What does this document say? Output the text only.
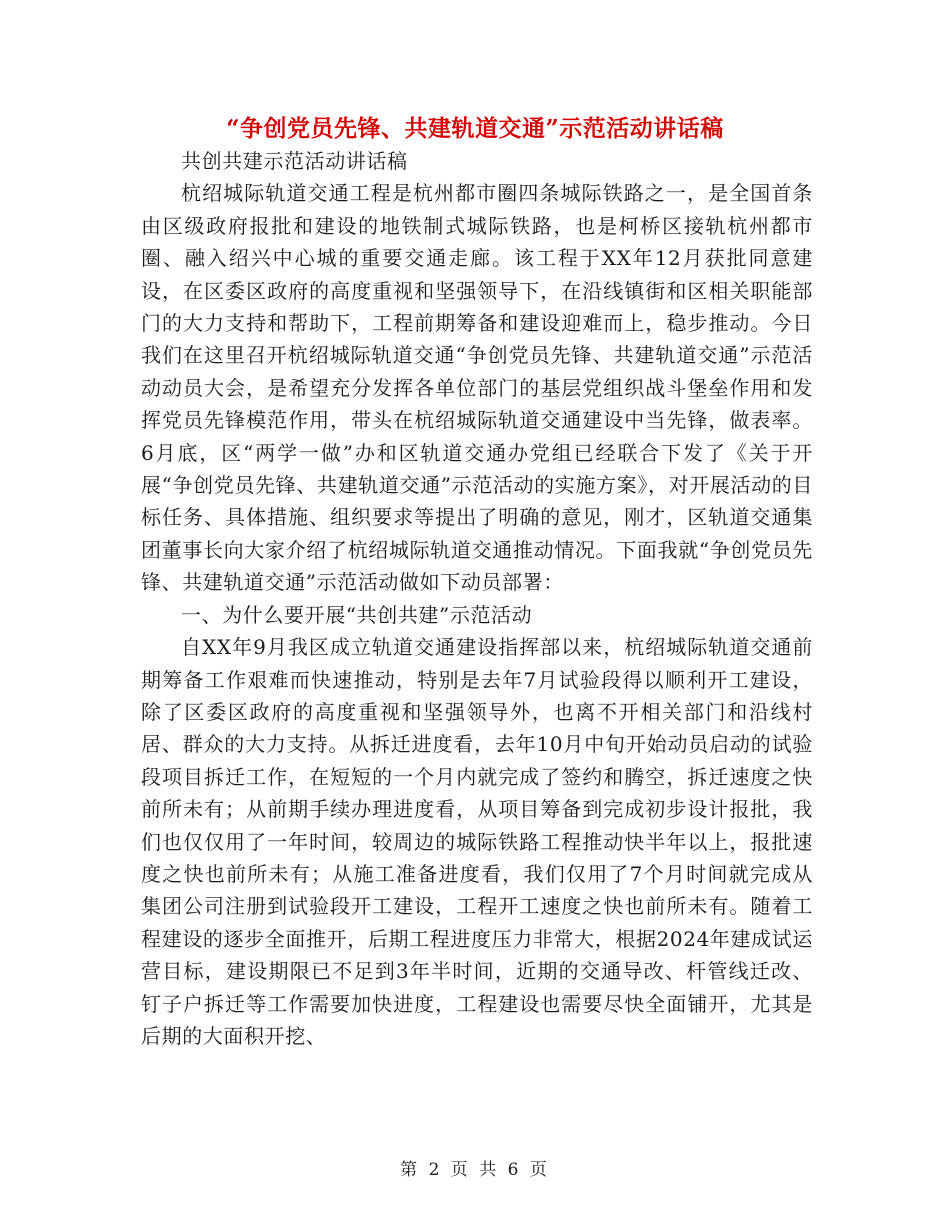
“争创党员先锋、共建轨道交通”示范活动讲话稿

共创共建示范活动讲话稿

杭绍城际轨道交通工程是杭州都市圈四条城际铁路之一，是全国首条由区级政府报批和建设的地铁制式城际铁路，也是柯桥区接轨杭州都市圈、融入绍兴中心城的重要交通走廊。该工程于XX年12月获批同意建设，在区委区政府的高度重视和坚强领导下，在沿线镇街和区相关职能部门的大力支持和帮助下，工程前期筹备和建设迎难而上，稳步推动。今日我们在这里召开杭绍城际轨道交通“争创党员先锋、共建轨道交通”示范活动动员大会，是希望充分发挥各单位部门的基层党组织战斗堡垒作用和发挥党员先锋模范作用，带头在杭绍城际轨道交通建设中当先锋，做表率。6月底，区“两学一做”办和区轨道交通办党组已经联合下发了《关于开展“争创党员先锋、共建轨道交通”示范活动的实施方案》，对开展活动的目标任务、具体措施、组织要求等提出了明确的意见，刚才，区轨道交通集团董事长向大家介绍了杭绍城际轨道交通推动情况。下面我就“争创党员先锋、共建轨道交通”示范活动做如下动员部署：

一、为什么要开展“共创共建”示范活动

自XX年9月我区成立轨道交通建设指挥部以来，杭绍城际轨道交通前期筹备工作艰难而快速推动，特别是去年7月试验段得以顺利开工建设，除了区委区政府的高度重视和坚强领导外，也离不开相关部门和沿线村居、群众的大力支持。从拆迁进度看，去年10月中旬开始动员启动的试验段项目拆迁工作，在短短的一个月内就完成了签约和腾空，拆迁速度之快前所未有；从前期手续办理进度看，从项目筹备到完成初步设计报批，我们也仅仅用了一年时间，较周边的城际铁路工程推动快半年以上，报批速度之快也前所未有；从施工准备进度看，我们仅用了7个月时间就完成从集团公司注册到试验段开工建设，工程开工速度之快也前所未有。随着工程建设的逐步全面推开，后期工程进度压力非常大，根据2024年建成试运营目标，建设期限已不足到3年半时间，近期的交通导改、杆管线迁改、钉子户拆迁等工作需要加快进度，工程建设也需要尽快全面铺开，尤其是后期的大面积开挖、

第 2 页 共 6 页
